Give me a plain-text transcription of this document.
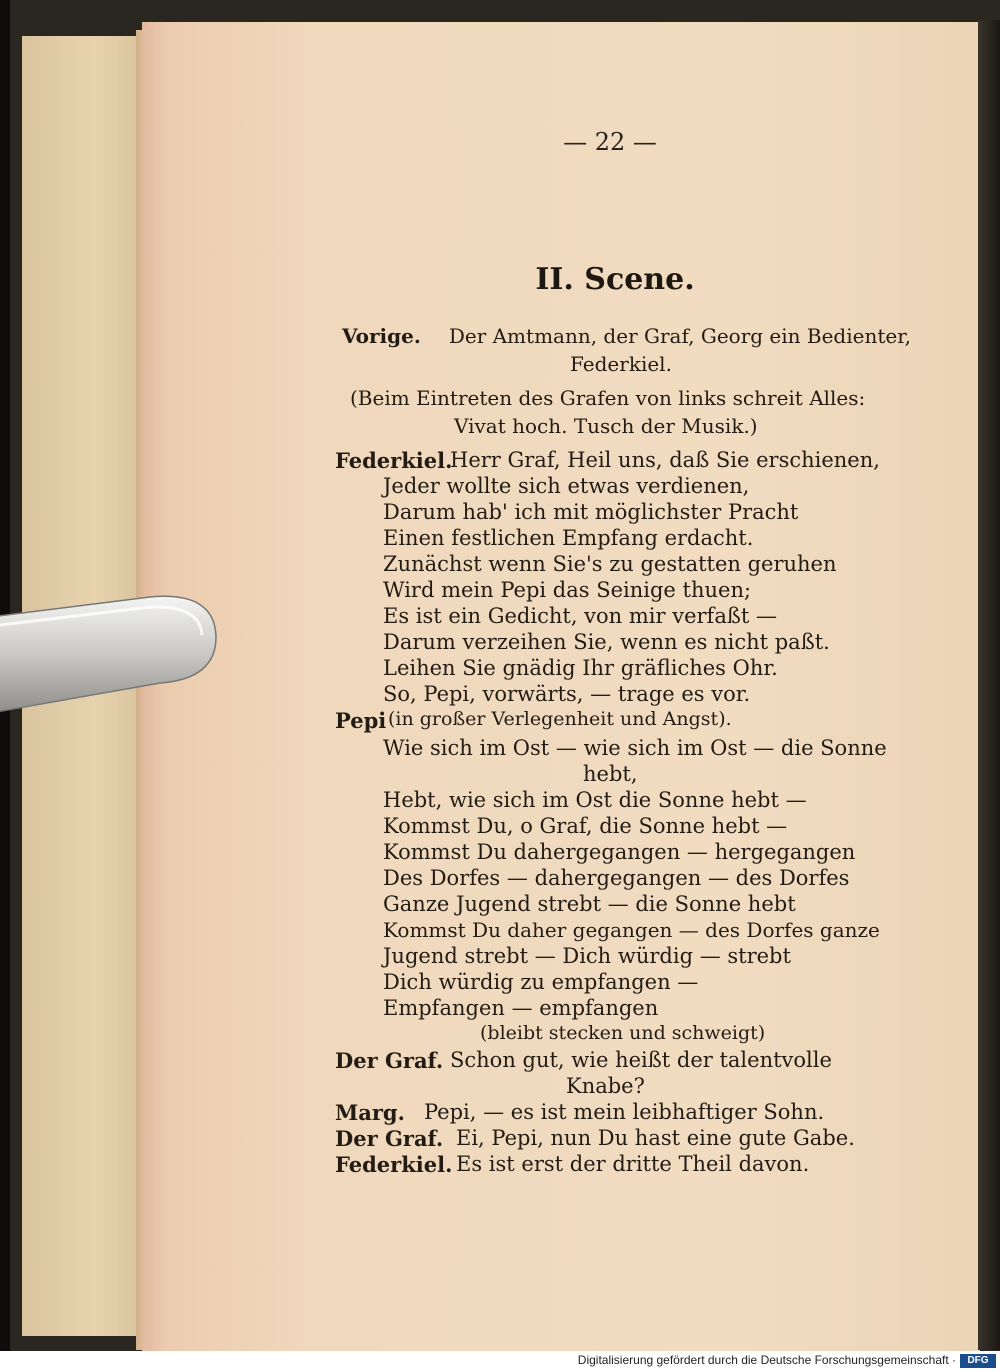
— 22 —
II. Scene.
Vorige. Der Amtmann, der Graf, Georg ein Bedienter,
Federkiel.
(Beim Eintreten des Grafen von links schreit Alles:
Vivat hoch. Tusch der Musik.)
Federkiel.
Herr Graf, Heil uns, daß Sie erschienen,
Jeder wollte sich etwas verdienen,
Darum hab' ich mit möglichster Pracht
Einen festlichen Empfang erdacht.
Zunächst wenn Sie's zu gestatten geruhen
Wird mein Pepi das Seinige thuen;
Es ist ein Gedicht, von mir verfaßt —
Darum verzeihen Sie, wenn es nicht paßt.
Leihen Sie gnädig Ihr gräfliches Ohr.
So, Pepi, vorwärts, — trage es vor.
Pepi (in großer Verlegenheit und Angst).
Wie sich im Ost — wie sich im Ost — die Sonne
hebt,
Hebt, wie sich im Ost die Sonne hebt —
Kommst Du, o Graf, die Sonne hebt —
Kommst Du dahergegangen — hergegangen
Des Dorfes — dahergegangen — des Dorfes
Ganze Jugend strebt — die Sonne hebt
Kommst Du daher gegangen — des Dorfes ganze
Jugend strebt — Dich würdig — strebt
Dich würdig zu empfangen —
Empfangen — empfangen
(bleibt stecken und schweigt)
Der Graf. Schon gut, wie heißt der talentvolle
Knabe?
Marg. Pepi, — es ist mein leibhaftiger Sohn.
Der Graf. Ei, Pepi, nun Du hast eine gute Gabe.
Federkiel. Es ist erst der dritte Theil davon.
Digitalisierung gefördert durch die Deutsche Forschungsgemeinschaft ·	DFG
